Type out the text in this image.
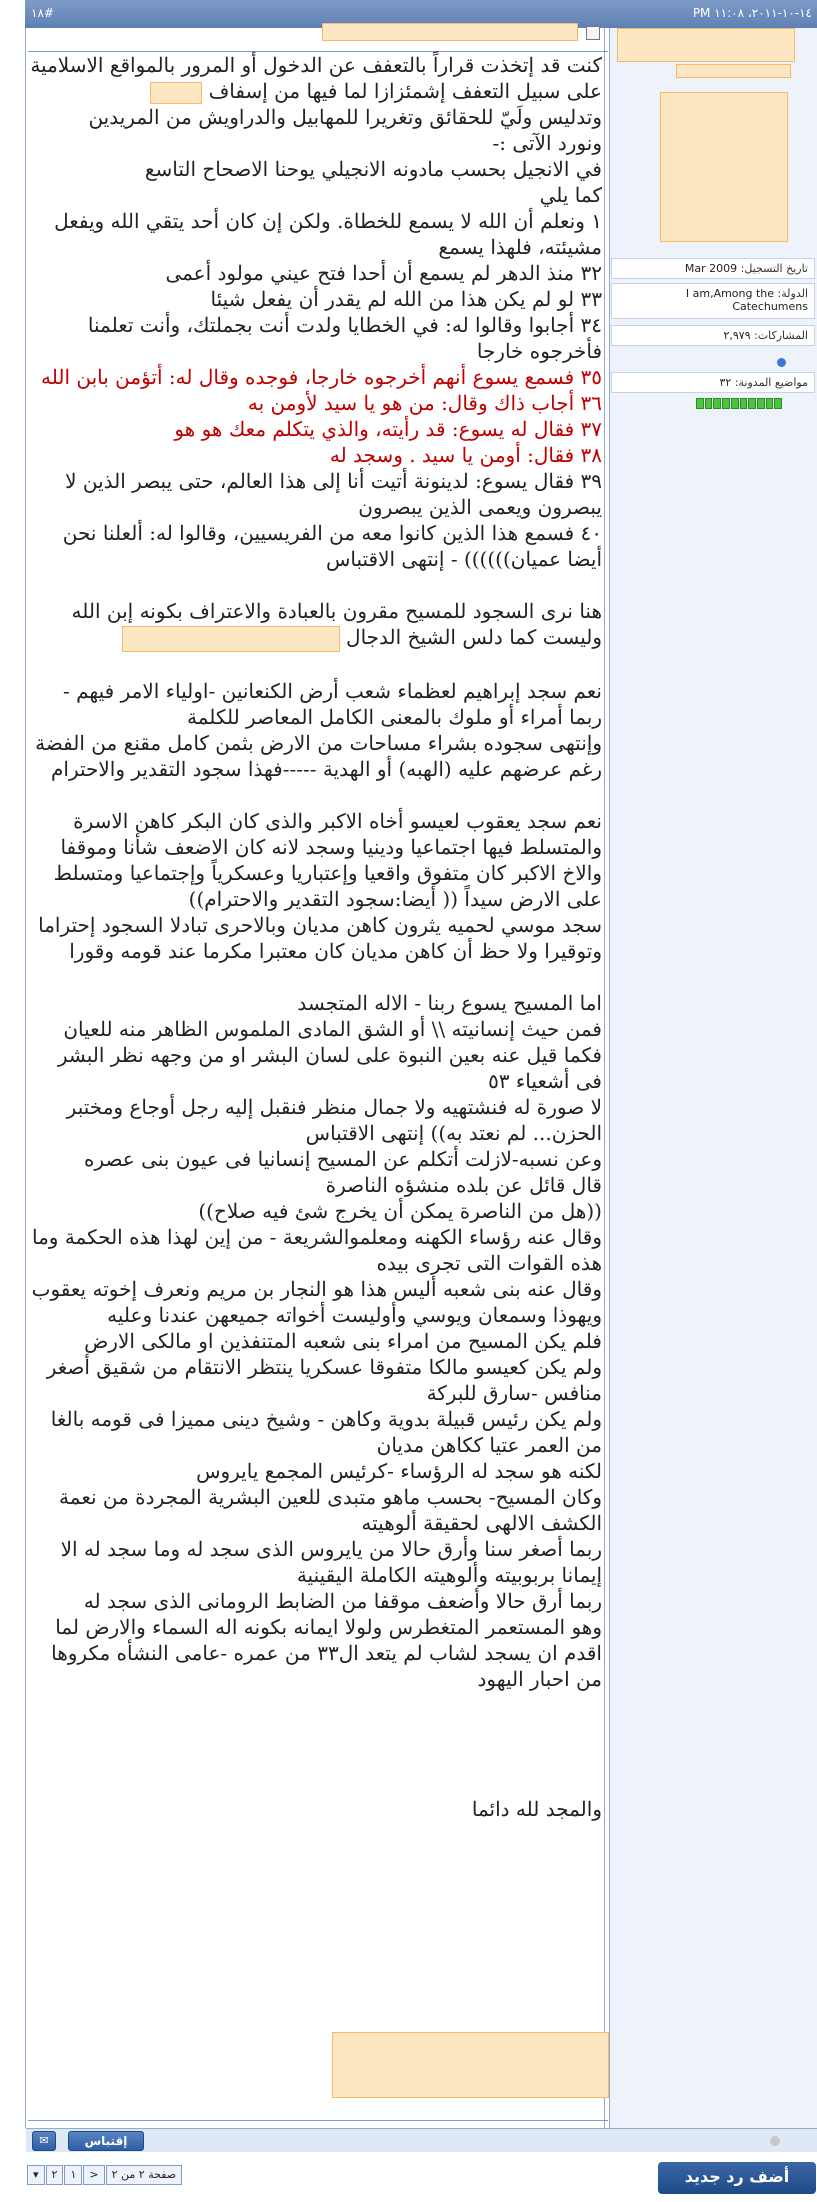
#١٨	١٤-١٠-٢٠١١، ١١:٠٨ PM

كنت قد إتخذت قراراً بالتعفف عن الدخول أو المرور بالمواقع الاسلامية

على سبيل التعفف إشمئزازا لما فيها من إسفاف

وتدليس ولَيّ للحقائق وتغريرا للمهابيل والدراويش من المريدين

ونورد الآتى :-

في الانجيل بحسب مادونه الانجيلي يوحنا الاصحاح التاسع

كما يلي

١ ونعلم أن الله لا يسمع للخطاة. ولكن إن كان أحد يتقي الله ويفعل مشيئته، فلهذا يسمع

٣٢ منذ الدهر لم يسمع أن أحدا فتح عيني مولود أعمى

٣٣ لو لم يكن هذا من الله لم يقدر أن يفعل شيئا

٣٤ أجابوا وقالوا له: في الخطايا ولدت أنت بجملتك، وأنت تعلمنا فأخرجوه خارجا

٣٥ فسمع يسوع أنهم أخرجوه خارجا، فوجده وقال له: أتؤمن بابن الله

٣٦ أجاب ذاك وقال: من هو يا سيد لأومن به

٣٧ فقال له يسوع: قد رأيته، والذي يتكلم معك هو هو

٣٨ فقال: أومن يا سيد . وسجد له

٣٩ فقال يسوع: لدينونة أتيت أنا إلى هذا العالم، حتى يبصر الذين لا يبصرون ويعمى الذين يبصرون

٤٠ فسمع هذا الذين كانوا معه من الفريسيين، وقالوا له: ألعلنا نحن أيضا عميان)))))) - إنتهى الاقتباس

هنا نرى السجود للمسيح مقرون بالعبادة والاعتراف بكونه إبن الله

وليست كما دلس الشيخ الدجال

نعم سجد إبراهيم لعظماء شعب أرض الكنعانين -اولياء الامر فيهم - ربما أمراء أو ملوك بالمعنى الكامل المعاصر للكلمة

وإنتهى سجوده بشراء مساحات من الارض بثمن كامل مقنع من الفضة رغم عرضهم عليه (الهبه) أو الهدية -----فهذا سجود التقدير والاحترام

نعم سجد يعقوب لعيسو أخاه الاكبر والذى كان البكر كاهن الاسرة والمتسلط فيها اجتماعيا ودينيا وسجد لانه كان الاضعف شأنا وموقفا

والاخ الاكبر كان متفوق واقعيا وإعتباريا وعسكرياً وإجتماعيا ومتسلط على الارض سيداً (( أيضا:سجود التقدير والاحترام))

سجد موسي لحميه يثرون كاهن مديان وبالاحرى تبادلا السجود إحتراما وتوقيرا ولا حظ أن كاهن مديان كان معتبرا مكرما عند قومه وقورا

اما المسيح يسوع ربنا - الاله المتجسد

فمن حيث إنسانيته \\ أو الشق المادى الملموس الظاهر منه للعيان

فكما قيل عنه بعين النبوة على لسان البشر او من وجهه نظر البشر فى أشعياء ٥٣

لا صورة له فنشتهيه ولا جمال منظر فنقبل إليه رجل أوجاع ومختبر الحزن... لم نعتد به)) إنتهى الاقتباس

وعن نسبه-لازلت أتكلم عن المسيح إنسانيا فى عيون بنى عصره

قال قائل عن بلده منشؤه الناصرة

((هل من الناصرة يمكن أن يخرج شئ فيه صلاح))

وقال عنه رؤساء الكهنه ومعلموالشريعة - من إين لهذا هذه الحكمة وما هذه القوات التى تجرى بيده

وقال عنه بنى شعبه أليس هذا هو النجار بن مريم ونعرف إخوته يعقوب ويهوذا وسمعان ويوسي وأوليست أخواته جميعهن عندنا وعليه

فلم يكن المسيح من امراء بنى شعبه المتنفذين او مالكى الارض

ولم يكن كعيسو مالكا متفوقا عسكريا ينتظر الانتقام من شقيق أصغر منافس -سارق للبركة

ولم يكن رئيس قبيلة بدوية وكاهن - وشيخ دينى مميزا فى قومه بالغا من العمر عتيا ككاهن مديان

لكنه هو سجد له الرؤساء -كرئيس المجمع يايروس

وكان المسيح- بحسب ماهو متبدى للعين البشرية المجردة من نعمة الكشف الالهى لحقيقة ألوهيته

ربما أصغر سنا وأرق حالا من يايروس الذى سجد له وما سجد له الا إيمانا بربوبيته وألوهيته الكاملة اليقينية

ربما أرق حالا وأضعف موقفا من الضابط الرومانى الذى سجد له

وهو المستعمر المتغطرس ولولا ايمانه بكونه اله السماء والارض لما اقدم ان يسجد لشاب لم يتعد ال٣٣ من عمره -عامى النشأه مكروها من احبار اليهود

والمجد لله دائما

تاريخ التسجيل: Mar 2009
الدولة: I am,Among the Catechumens
المشاركات: ٢,٩٧٩
مواضيع المدونة: ٣٢
✉	إقتباس
صفحة ٢ من ٢
<
١
٢
▾	أضف رد جديد
